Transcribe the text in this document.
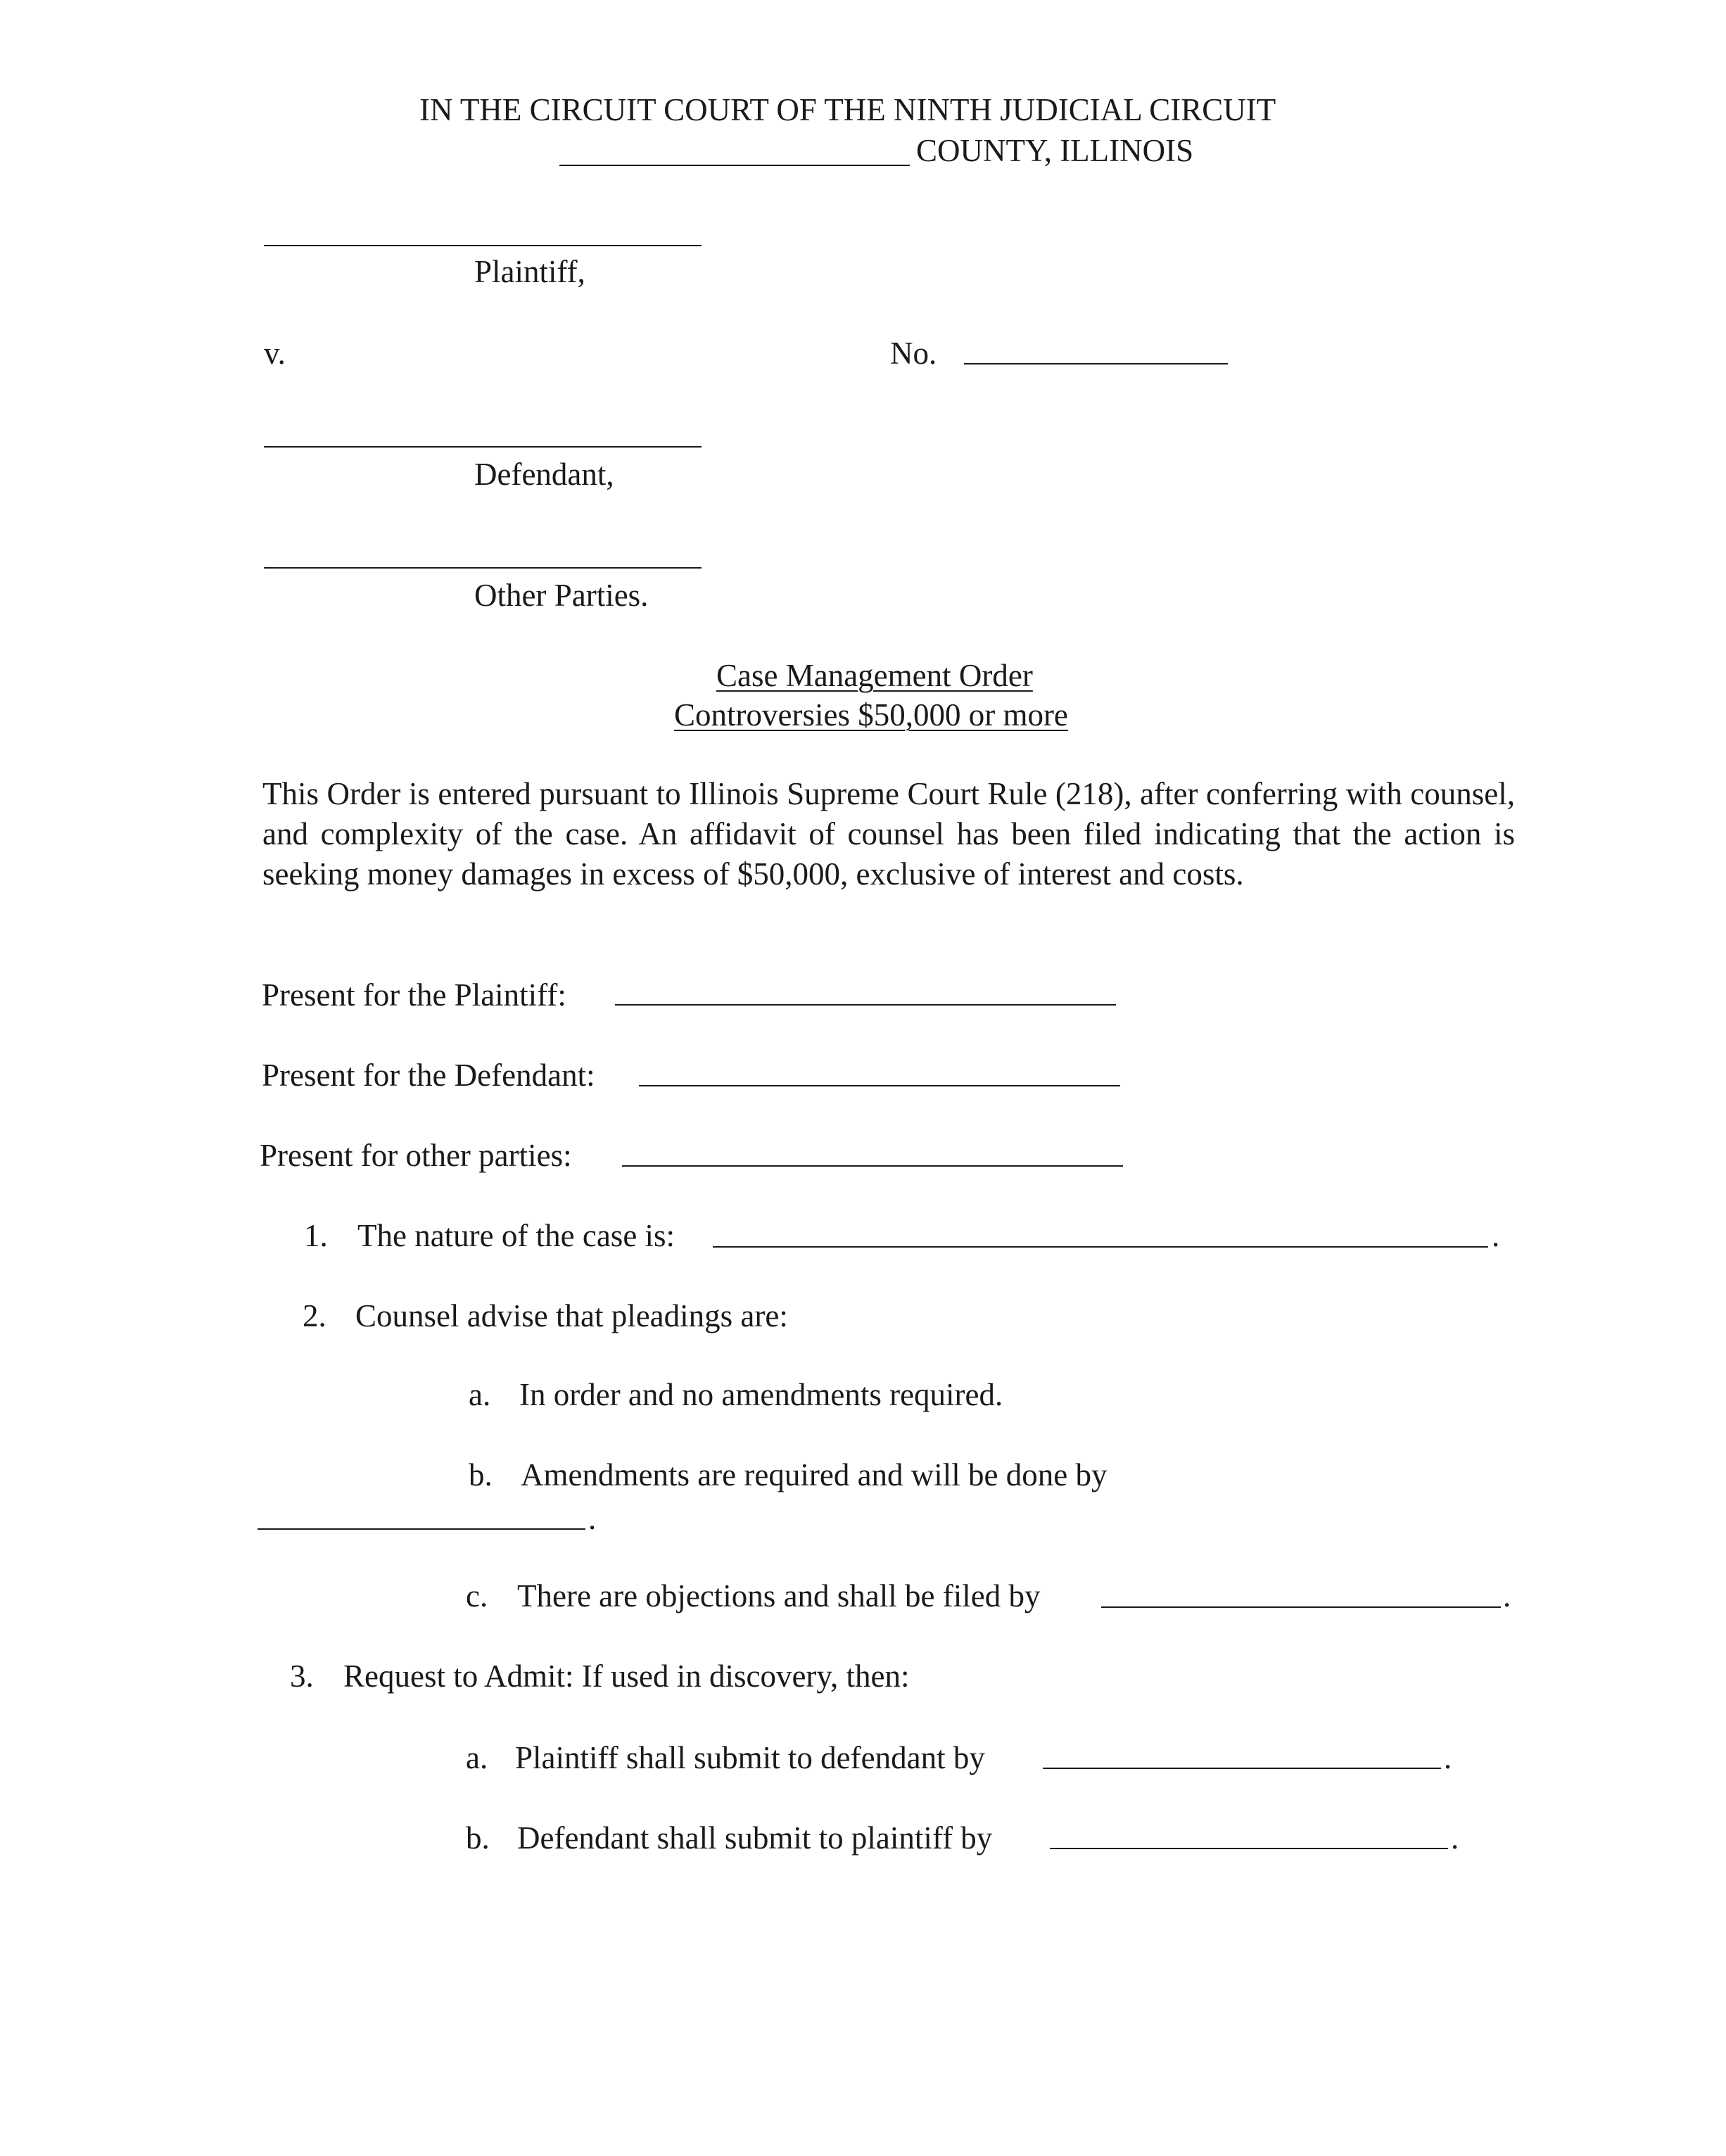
IN THE CIRCUIT COURT OF THE NINTH JUDICIAL CIRCUIT
COUNTY, ILLINOIS
Plaintiff,
v.	No.
Defendant,
Other Parties.
Case Management Order
Controversies $50,000 or more
This Order is entered pursuant to Illinois Supreme Court Rule (218), after conferring with counsel, and complexity of the case. An affidavit of counsel has been filed indicating that the action is seeking money damages in excess of $50,000, exclusive of interest and costs.
Present for the Plaintiff:
Present for the Defendant:
Present for other parties:
1. The nature of the case is:	.
2. Counsel advise that pleadings are:
a. In order and no amendments required.
b. Amendments are required and will be done by
.
c. There are objections and shall be filed by	.
3. Request to Admit: If used in discovery, then:
a. Plaintiff shall submit to defendant by	.
b. Defendant shall submit to plaintiff by	.
